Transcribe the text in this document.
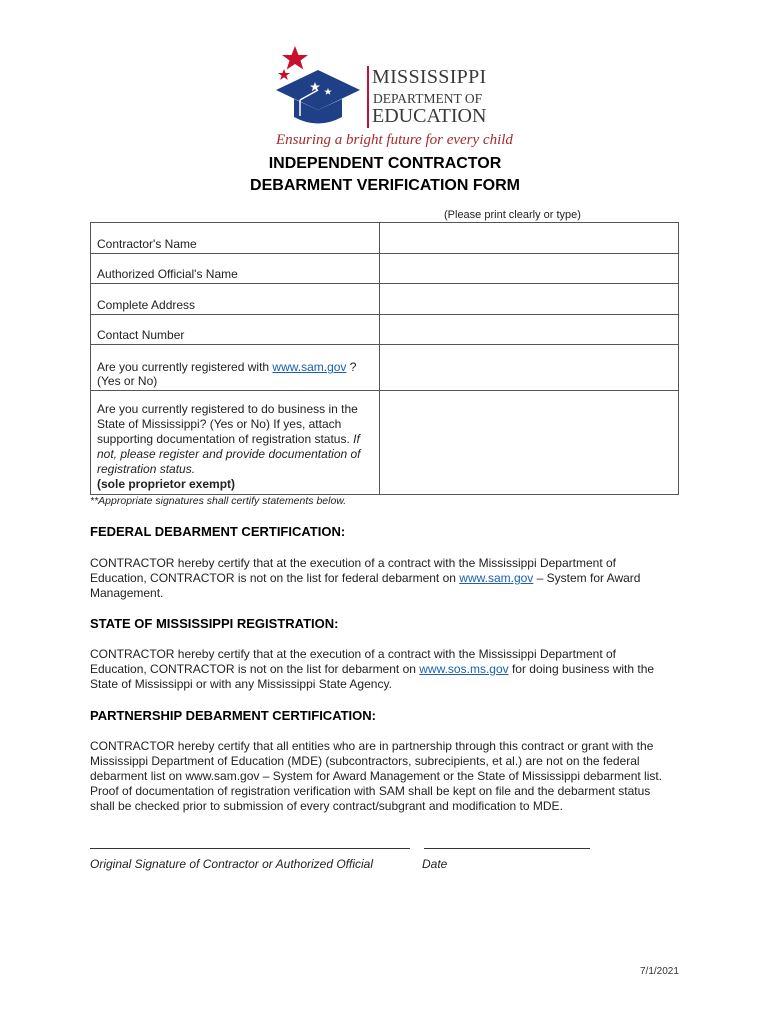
MISSISSIPPI
DEPARTMENT OF
EDUCATION
Ensuring a bright future for every child
INDEPENDENT CONTRACTOR
DEBARMENT VERIFICATION FORM
(Please print clearly or type)
Contractor's Name	
Authorized Official's Name	
Complete Address	
Contact Number	
Are you currently registered with www.sam.gov ?
(Yes or No)	
Are you currently registered to do business in the State of Mississippi? (Yes or No) If yes, attach supporting documentation of registration status. If not, please register and provide documentation of registration status.
(sole proprietor exempt)	
**Appropriate signatures shall certify statements below.
FEDERAL DEBARMENT CERTIFICATION:
CONTRACTOR hereby certify that at the execution of a contract with the Mississippi Department of Education, CONTRACTOR is not on the list for federal debarment on www.sam.gov – System for Award Management.
STATE OF MISSISSIPPI REGISTRATION:
CONTRACTOR hereby certify that at the execution of a contract with the Mississippi Department of Education, CONTRACTOR is not on the list for debarment on www.sos.ms.gov for doing business with the State of Mississippi or with any Mississippi State Agency.
PARTNERSHIP DEBARMENT CERTIFICATION:
CONTRACTOR hereby certify that all entities who are in partnership through this contract or grant with the Mississippi Department of Education (MDE) (subcontractors, subrecipients, et al.) are not on the federal debarment list on www.sam.gov – System for Award Management or the State of Mississippi debarment list. Proof of documentation of registration verification with SAM shall be kept on file and the debarment status shall be checked prior to submission of every contract/subgrant and modification to MDE.
Original Signature of Contractor or Authorized Official	Date
7/1/2021
